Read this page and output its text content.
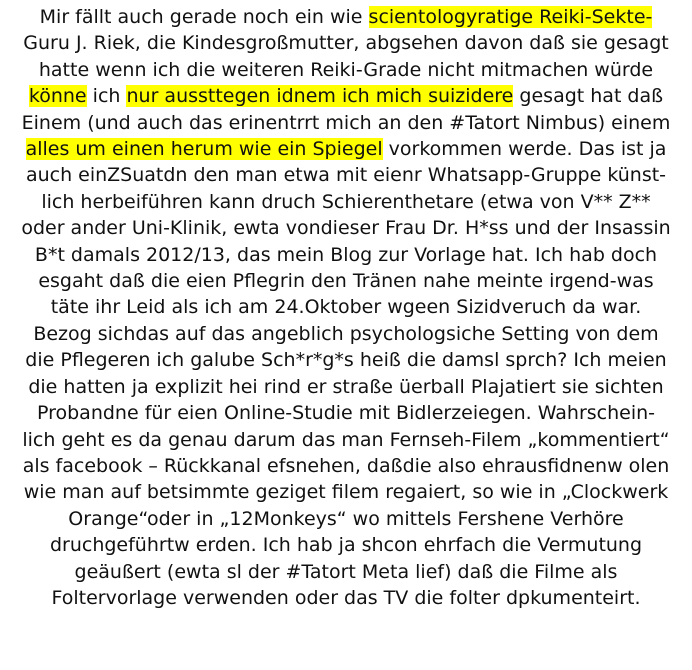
Mir fällt auch gerade noch ein wie scientologyratige Reiki-Sekte-
Guru J. Riek, die Kindesgroßmutter, abgsehen davon daß sie gesagt
hatte wenn ich die weiteren Reiki-Grade nicht mitmachen würde
könne ich nur aussttegen idnem ich mich suizidere gesagt hat daß
Einem (und auch das erinentrrt mich an den #Tatort Nimbus) einem
alles um einen herum wie ein Spiegel vorkommen werde. Das ist ja
auch einZSuatdn den man etwa mit eienr Whatsapp-Gruppe künst-
lich herbeiführen kann druch Schierenthetare (etwa von V** Z**
oder ander Uni-Klinik, ewta vondieser Frau Dr. H*ss und der Insassin
B*t damals 2012/13, das mein Blog zur Vorlage hat. Ich hab doch
esgaht daß die eien Pflegrin den Tränen nahe meinte irgend-was
täte ihr Leid als ich am 24.Oktober wgeen Sizidveruch da war.
Bezog sichdas auf das angeblich psychologsiche Setting von dem
die Pflegeren ich galube Sch*r*g*s heiß die damsl sprch? Ich meien
die hatten ja explizit hei rind er straße üerball Plajatiert sie sichten
Probandne für eien Online-Studie mit Bidlerzeiegen. Wahrschein-
lich geht es da genau darum das man Fernseh-Filem „kommentiert“
als facebook – Rückkanal efsnehen, daßdie also ehrausfidnenw olen
wie man auf betsimmte geziget filem regaiert, so wie in „Clockwerk
Orange“oder in „12Monkeys“ wo mittels Fershene Verhöre
druchgeführtw erden. Ich hab ja shcon ehrfach die Vermutung
geäußert (ewta sl der #Tatort Meta lief) daß die Filme als
Foltervorlage verwenden oder das TV die folter dpkumenteirt.
